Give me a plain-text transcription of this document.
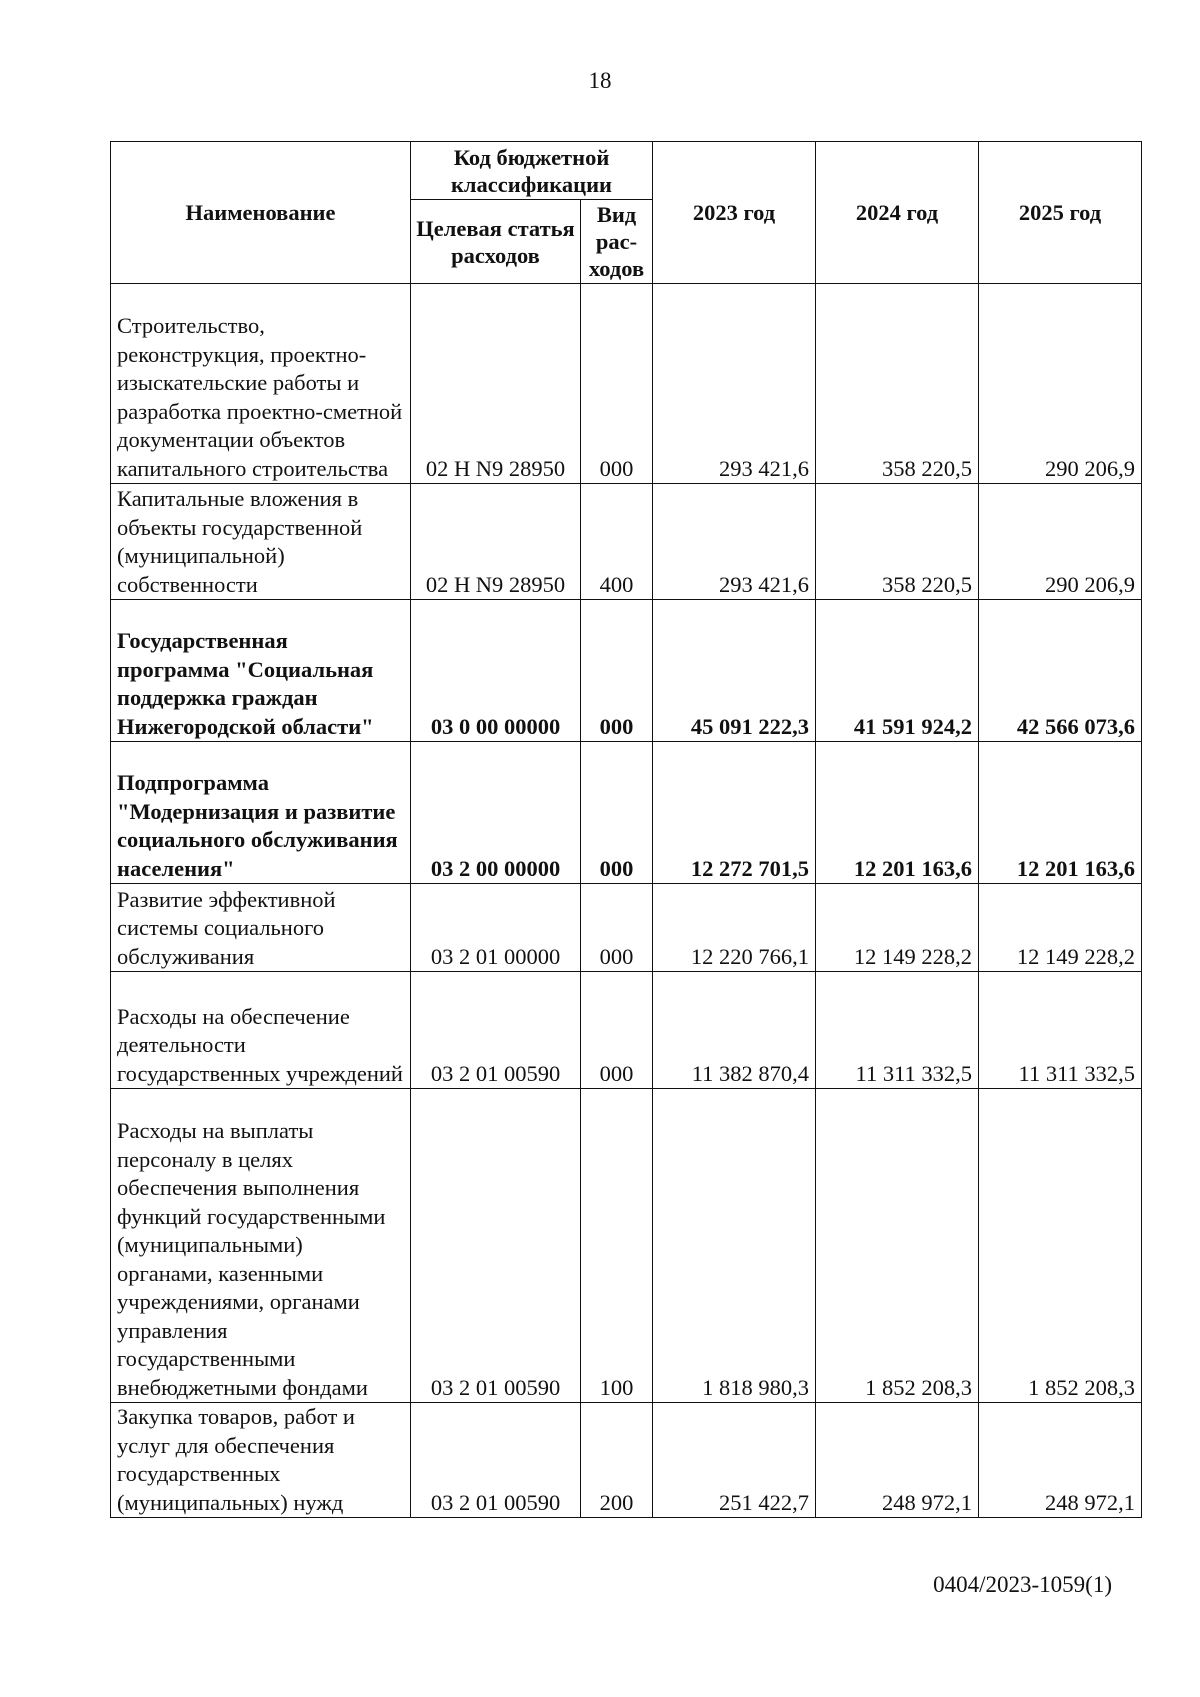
18
Наименование	Код бюджетной классификации		2023 год	2024 год	2025 год
	Целевая статья расходов	Вид рас-ходов			
Строительство, реконструкция, проектно-изыскательские работы и разработка проектно-сметной документации объектов капитального строительства	02 Н N9 28950	000	293 421,6	358 220,5	290 206,9
Капитальные вложения в объекты государственной (муниципальной) собственности	02 Н N9 28950	400	293 421,6	358 220,5	290 206,9
Государственная программа "Социальная поддержка граждан Нижегородской области"	03 0 00 00000	000	45 091 222,3	41 591 924,2	42 566 073,6
Подпрограмма "Модернизация и развитие социального обслуживания населения"	03 2 00 00000	000	12 272 701,5	12 201 163,6	12 201 163,6
Развитие эффективной системы социального обслуживания	03 2 01 00000	000	12 220 766,1	12 149 228,2	12 149 228,2
Расходы на обеспечение деятельности государственных учреждений	03 2 01 00590	000	11 382 870,4	11 311 332,5	11 311 332,5
Расходы на выплаты персоналу в целях обеспечения выполнения функций государственными (муниципальными) органами, казенными учреждениями, органами управления государственными внебюджетными фондами	03 2 01 00590	100	1 818 980,3	1 852 208,3	1 852 208,3
Закупка товаров, работ и услуг для обеспечения государственных (муниципальных) нужд	03 2 01 00590	200	251 422,7	248 972,1	248 972,1
0404/2023-1059(1)
